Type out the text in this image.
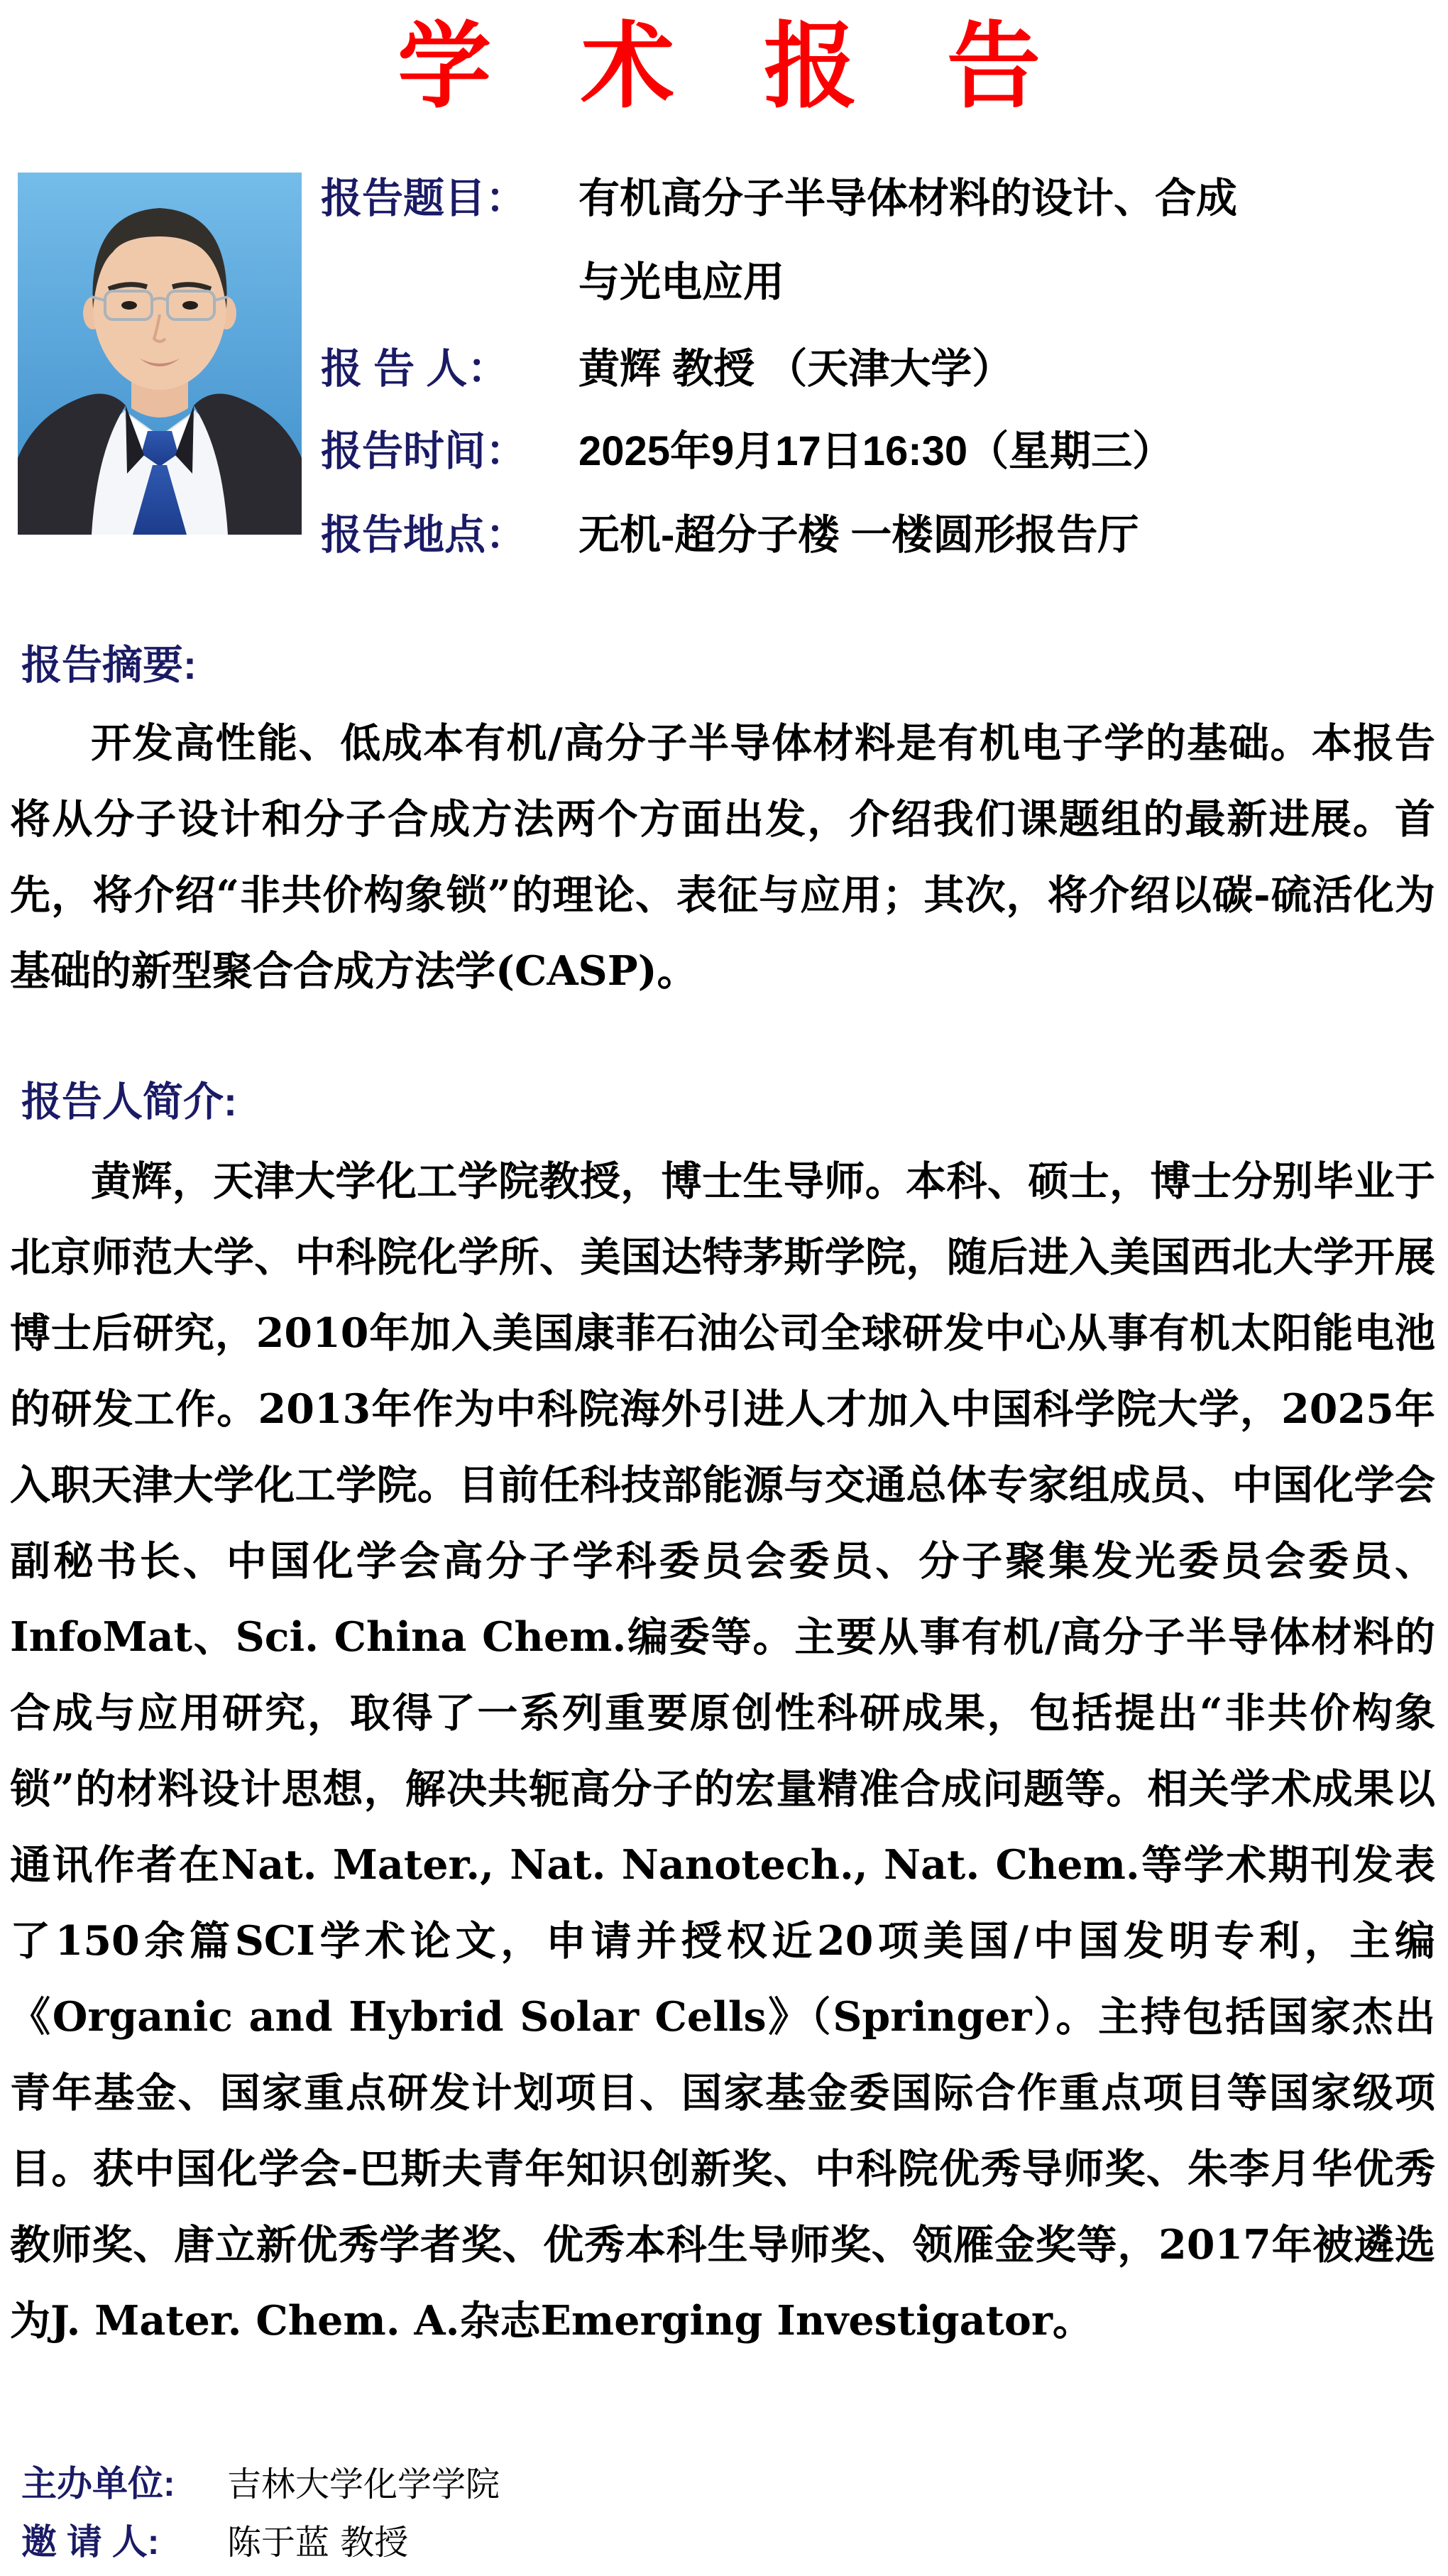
学 术 报 告
报告题目： 有机高分子半导体材料的设计、合成
与光电应用
报 告 人： 黄辉 教授 （天津大学）
报告时间： 2025年9月17日16:30（星期三）
报告地点： 无机-超分子楼 一楼圆形报告厅
报告摘要:

开发高性能、低成本有机/高分子半导体材料是有机电子学的基础。本报告将从分子设计和分子合成方法两个方面出发，介绍我们课题组的最新进展。首先，将介绍“非共价构象锁”的理论、表征与应用；其次，将介绍以碳-硫活化为基础的新型聚合合成方法学(CASP)。

报告人简介:

黄辉，天津大学化工学院教授，博士生导师。本科、硕士，博士分别毕业于北京师范大学、中科院化学所、美国达特茅斯学院，随后进入美国西北大学开展博士后研究，2010年加入美国康菲石油公司全球研发中心从事有机太阳能电池的研发工作。2013年作为中科院海外引进人才加入中国科学院大学，2025年入职天津大学化工学院。目前任科技部能源与交通总体专家组成员、中国化学会副秘书长、中国化学会高分子学科委员会委员、分子聚集发光委员会委员、InfoMat、Sci. China Chem.编委等。主要从事有机/高分子半导体材料的合成与应用研究，取得了一系列重要原创性科研成果，包括提出“非共价构象锁”的材料设计思想，解决共轭高分子的宏量精准合成问题等。相关学术成果以通讯作者在Nat. Mater., Nat. Nanotech., Nat. Chem.等学术期刊发表了150余篇SCI学术论文，申请并授权近20项美国/中国发明专利，主编《Organic and Hybrid Solar Cells》（Springer）。主持包括国家杰出青年基金、国家重点研发计划项目、国家基金委国际合作重点项目等国家级项目。获中国化学会-巴斯夫青年知识创新奖、中科院优秀导师奖、朱李月华优秀教师奖、唐立新优秀学者奖、优秀本科生导师奖、领雁金奖等，2017年被遴选为J. Mater. Chem. A.杂志Emerging Investigator。

主办单位: 吉林大学化学学院
邀 请 人: 陈于蓝 教授
